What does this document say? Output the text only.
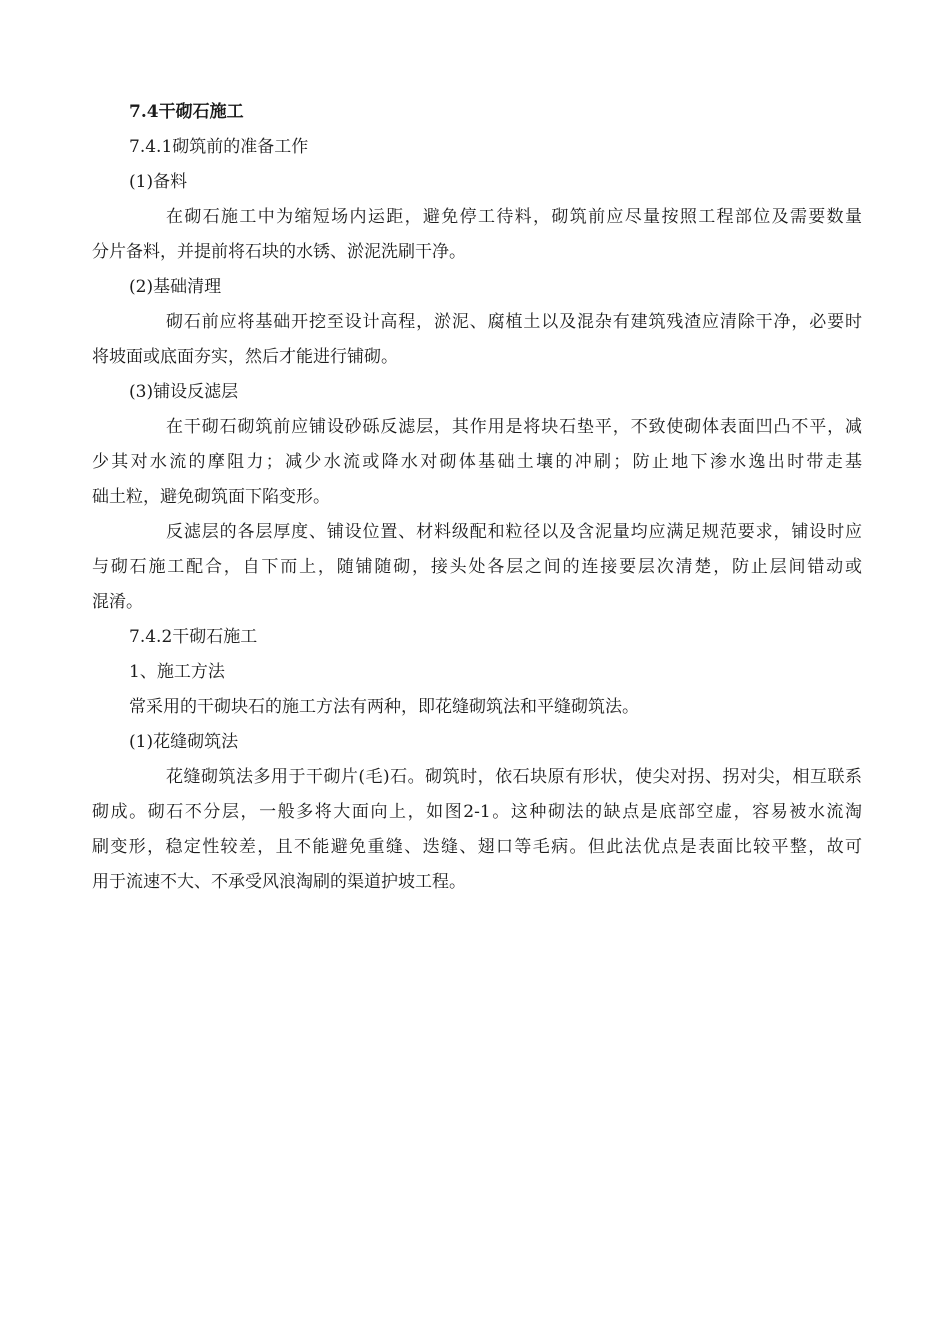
7.4干砌石施工

7.4.1砌筑前的准备工作

(1)备料

在砌石施工中为缩短场内运距，避免停工待料，砌筑前应尽量按照工程部位及需要数量
分片备料，并提前将石块的水锈、淤泥洗刷干净。

(2)基础清理

砌石前应将基础开挖至设计高程，淤泥、腐植土以及混杂有建筑残渣应清除干净，必要时
将坡面或底面夯实，然后才能进行铺砌。

(3)铺设反滤层

在干砌石砌筑前应铺设砂砾反滤层，其作用是将块石垫平，不致使砌体表面凹凸不平，减
少其对水流的摩阻力；减少水流或降水对砌体基础土壤的冲刷；防止地下渗水逸出时带走基
础土粒，避免砌筑面下陷变形。
反滤层的各层厚度、铺设位置、材料级配和粒径以及含泥量均应满足规范要求，铺设时应
与砌石施工配合，自下而上，随铺随砌，接头处各层之间的连接要层次清楚，防止层间错动或
混淆。

7.4.2干砌石施工

1、施工方法

常采用的干砌块石的施工方法有两种，即花缝砌筑法和平缝砌筑法。

(1)花缝砌筑法

花缝砌筑法多用于干砌片(毛)石。砌筑时，依石块原有形状，使尖对拐、拐对尖，相互联系
砌成。砌石不分层，一般多将大面向上，如图2-1。这种砌法的缺点是底部空虚，容易被水流淘
刷变形，稳定性较差，且不能避免重缝、迭缝、翅口等毛病。但此法优点是表面比较平整，故可
用于流速不大、不承受风浪淘刷的渠道护坡工程。
